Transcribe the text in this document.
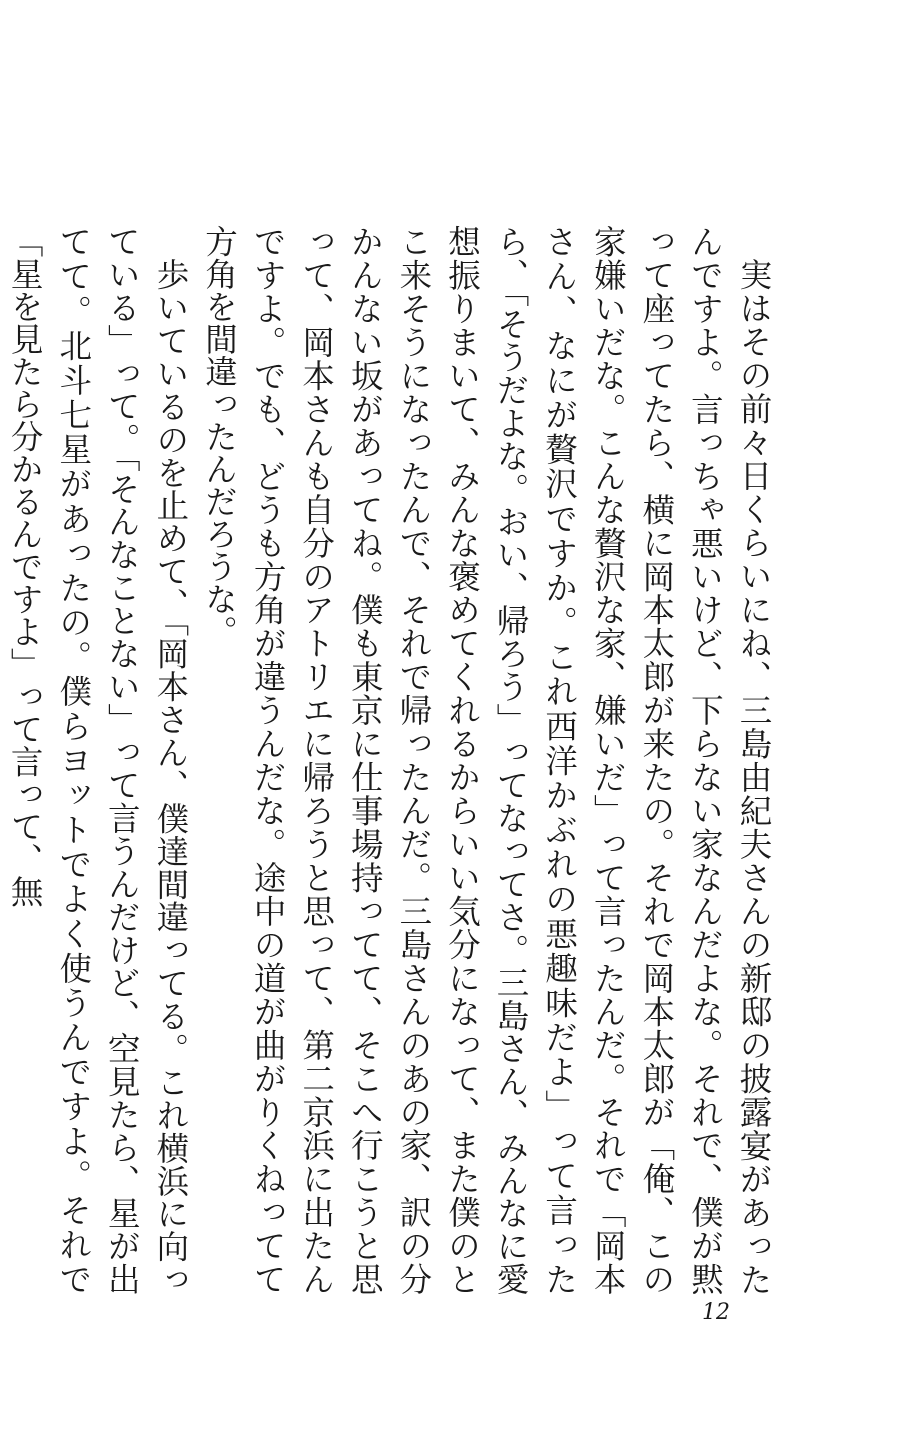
実はその前々日くらいにね、三島由紀夫さんの新邸の披露宴があったんですよ。言っちゃ悪いけど、下らない家なんだよな。それで、僕が黙って座ってたら、横に岡本太郎が来たの。それで岡本太郎が「俺、この家嫌いだな。こんな贅沢な家、嫌いだ」って言ったんだ。それで「岡本さん、なにが贅沢ですか。これ西洋かぶれの悪趣味だよ」って言ったら、「そうだよな。おい、帰ろう」ってなってさ。三島さん、みんなに愛想振りまいて、みんな褒めてくれるからいい気分になって、また僕のとこ来そうになったんで、それで帰ったんだ。三島さんのあの家、訳の分かんない坂があってね。僕も東京に仕事場持ってて、そこへ行こうと思って、岡本さんも自分のアトリエに帰ろうと思って、第二京浜に出たんですよ。でも、どうも方角が違うんだな。途中の道が曲がりくねってて方角を間違ったんだろうな。

歩いているのを止めて、「岡本さん、僕達間違ってる。これ横浜に向っている」って。「そんなことない」って言うんだけど、空見たら、星が出てて。北斗七星があったの。僕らヨットでよく使うんですよ。それで「星を見たら分かるんですよ」って言って、無

12
